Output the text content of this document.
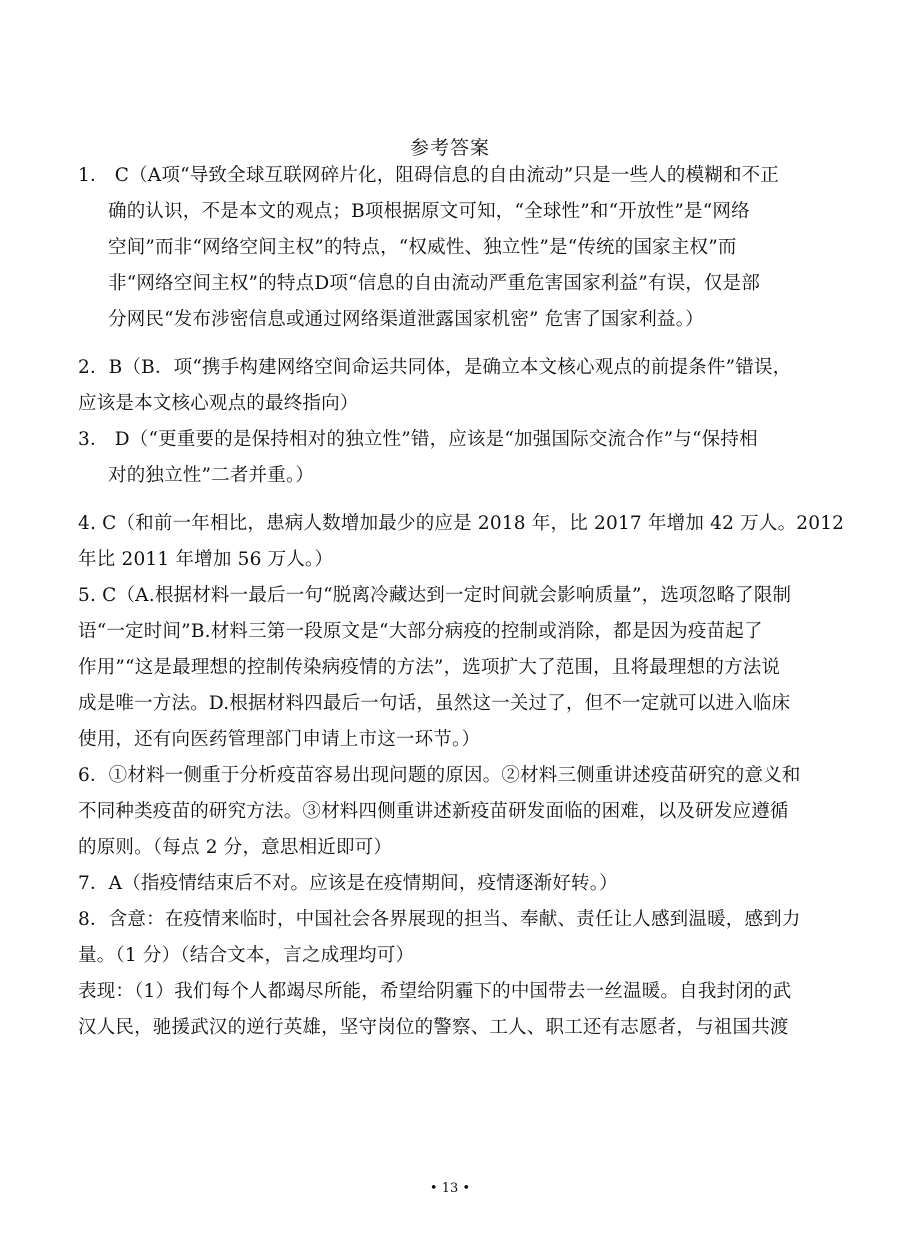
参考答案
1． C（A项“导致全球互联网碎片化，阻碍信息的自由流动”只是一些人的模糊和不正
确的认识，不是本文的观点；B项根据原文可知，“全球性”和“开放性”是“网络
空间”而非“网络空间主权”的特点，“权威性、独立性”是“传统的国家主权”而
非“网络空间主权”的特点D项“信息的自由流动严重危害国家利益”有误，仅是部
分网民“发布涉密信息或通过网络渠道泄露国家机密” 危害了国家利益。）
2．B（B．项“携手构建网络空间命运共同体，是确立本文核心观点的前提条件”错误，
应该是本文核心观点的最终指向）
3． D（“更重要的是保持相对的独立性”错，应该是“加强国际交流合作”与“保持相
对的独立性”二者并重。）
4. C（和前一年相比，患病人数增加最少的应是 2018 年，比 2017 年增加 42 万人。2012
年比 2011 年增加 56 万人。）
5. C（A.根据材料一最后一句“脱离冷藏达到一定时间就会影响质量”，选项忽略了限制
语“一定时间”B.材料三第一段原文是“大部分病疫的控制或消除，都是因为疫苗起了
作用”“这是最理想的控制传染病疫情的方法”，选项扩大了范围，且将最理想的方法说
成是唯一方法。D.根据材料四最后一句话，虽然这一关过了，但不一定就可以进入临床
使用，还有向医药管理部门申请上市这一环节。）
6．①材料一侧重于分析疫苗容易出现问题的原因。②材料三侧重讲述疫苗研究的意义和
不同种类疫苗的研究方法。③材料四侧重讲述新疫苗研发面临的困难，以及研发应遵循
的原则。（每点 2 分，意思相近即可）
7．A（指疫情结束后不对。应该是在疫情期间，疫情逐渐好转。）
8．含意：在疫情来临时，中国社会各界展现的担当、奉献、责任让人感到温暖，感到力
量。（1 分）（结合文本，言之成理均可）
表现：（1）我们每个人都竭尽所能，希望给阴霾下的中国带去一丝温暖。自我封闭的武
汉人民，驰援武汉的逆行英雄，坚守岗位的警察、工人、职工还有志愿者，与祖国共渡
• 13 •
